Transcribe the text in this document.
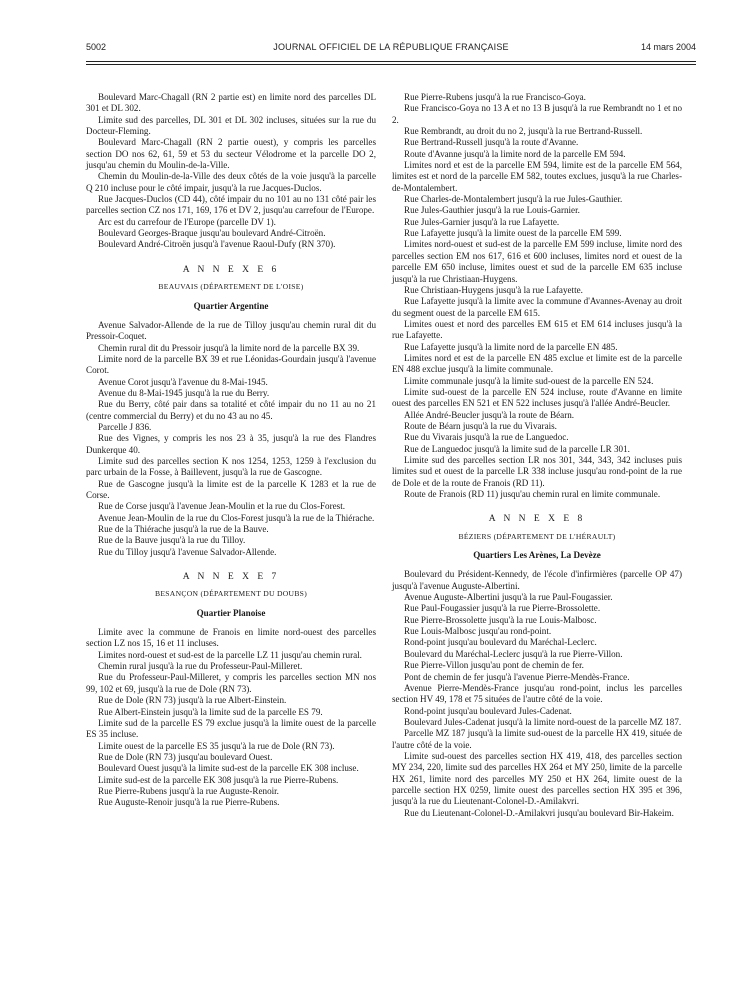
5002	JOURNAL OFFICIEL DE LA RÉPUBLIQUE FRANÇAISE	14 mars 2004

Boulevard Marc-Chagall (RN 2 partie est) en limite nord des parcelles DL 301 et DL 302.

Limite sud des parcelles, DL 301 et DL 302 incluses, situées sur la rue du Docteur-Fleming.

Boulevard Marc-Chagall (RN 2 partie ouest), y compris les parcelles section DO nos 62, 61, 59 et 53 du secteur Vélodrome et la parcelle DO 2, jusqu'au chemin du Moulin-de-la-Ville.

Chemin du Moulin-de-la-Ville des deux côtés de la voie jusqu'à la parcelle Q 210 incluse pour le côté impair, jusqu'à la rue Jacques-Duclos.

Rue Jacques-Duclos (CD 44), côté impair du no 101 au no 131 côté pair les parcelles section CZ nos 171, 169, 176 et DV 2, jusqu'au carrefour de l'Europe.

Arc est du carrefour de l'Europe (parcelle DV 1).

Boulevard Georges-Braque jusqu'au boulevard André-Citroën.

Boulevard André-Citroën jusqu'à l'avenue Raoul-Dufy (RN 370).

A N N E X E 6
BEAUVAIS (DÉPARTEMENT DE L'OISE)
Quartier Argentine

Avenue Salvador-Allende de la rue de Tilloy jusqu'au chemin rural dit du Pressoir-Coquet.

Chemin rural dit du Pressoir jusqu'à la limite nord de la parcelle BX 39.

Limite nord de la parcelle BX 39 et rue Léonidas-Gourdain jusqu'à l'avenue Corot.

Avenue Corot jusqu'à l'avenue du 8-Mai-1945.

Avenue du 8-Mai-1945 jusqu'à la rue du Berry.

Rue du Berry, côté pair dans sa totalité et côté impair du no 11 au no 21 (centre commercial du Berry) et du no 43 au no 45.

Parcelle J 836.

Rue des Vignes, y compris les nos 23 à 35, jusqu'à la rue des Flandres Dunkerque 40.

Limite sud des parcelles section K nos 1254, 1253, 1259 à l'exclusion du parc urbain de la Fosse, à Baillevent, jusqu'à la rue de Gascogne.

Rue de Gascogne jusqu'à la limite est de la parcelle K 1283 et la rue de Corse.

Rue de Corse jusqu'à l'avenue Jean-Moulin et la rue du Clos-Forest.

Avenue Jean-Moulin de la rue du Clos-Forest jusqu'à la rue de la Thiérache.

Rue de la Thiérache jusqu'à la rue de la Bauve.

Rue de la Bauve jusqu'à la rue du Tilloy.

Rue du Tilloy jusqu'à l'avenue Salvador-Allende.

A N N E X E 7
BESANÇON (DÉPARTEMENT DU DOUBS)
Quartier Planoise

Limite avec la commune de Franois en limite nord-ouest des parcelles section LZ nos 15, 16 et 11 incluses.

Limites nord-ouest et sud-est de la parcelle LZ 11 jusqu'au chemin rural.

Chemin rural jusqu'à la rue du Professeur-Paul-Milleret.

Rue du Professeur-Paul-Milleret, y compris les parcelles section MN nos 99, 102 et 69, jusqu'à la rue de Dole (RN 73).

Rue de Dole (RN 73) jusqu'à la rue Albert-Einstein.

Rue Albert-Einstein jusqu'à la limite sud de la parcelle ES 79.

Limite sud de la parcelle ES 79 exclue jusqu'à la limite ouest de la parcelle ES 35 incluse.

Limite ouest de la parcelle ES 35 jusqu'à la rue de Dole (RN 73).

Rue de Dole (RN 73) jusqu'au boulevard Ouest.

Boulevard Ouest jusqu'à la limite sud-est de la parcelle EK 308 incluse.

Limite sud-est de la parcelle EK 308 jusqu'à la rue Pierre-Rubens.

Rue Pierre-Rubens jusqu'à la rue Auguste-Renoir.

Rue Auguste-Renoir jusqu'à la rue Pierre-Rubens.

Rue Pierre-Rubens jusqu'à la rue Francisco-Goya.

Rue Francisco-Goya no 13 A et no 13 B jusqu'à la rue Rembrandt no 1 et no 2.

Rue Rembrandt, au droit du no 2, jusqu'à la rue Bertrand-Russell.

Rue Bertrand-Russell jusqu'à la route d'Avanne.

Route d'Avanne jusqu'à la limite nord de la parcelle EM 594.

Limites nord et est de la parcelle EM 594, limite est de la parcelle EM 564, limites est et nord de la parcelle EM 582, toutes exclues, jusqu'à la rue Charles-de-Montalembert.

Rue Charles-de-Montalembert jusqu'à la rue Jules-Gauthier.

Rue Jules-Gauthier jusqu'à la rue Louis-Garnier.

Rue Jules-Garnier jusqu'à la rue Lafayette.

Rue Lafayette jusqu'à la limite ouest de la parcelle EM 599.

Limites nord-ouest et sud-est de la parcelle EM 599 incluse, limite nord des parcelles section EM nos 617, 616 et 600 incluses, limites nord et ouest de la parcelle EM 650 incluse, limites ouest et sud de la parcelle EM 635 incluse jusqu'à la rue Christiaan-Huygens.

Rue Christiaan-Huygens jusqu'à la rue Lafayette.

Rue Lafayette jusqu'à la limite avec la commune d'Avannes-Avenay au droit du segment ouest de la parcelle EM 615.

Limites ouest et nord des parcelles EM 615 et EM 614 incluses jusqu'à la rue Lafayette.

Rue Lafayette jusqu'à la limite nord de la parcelle EN 485.

Limites nord et est de la parcelle EN 485 exclue et limite est de la parcelle EN 488 exclue jusqu'à la limite communale.

Limite communale jusqu'à la limite sud-ouest de la parcelle EN 524.

Limite sud-ouest de la parcelle EN 524 incluse, route d'Avanne en limite ouest des parcelles EN 521 et EN 522 incluses jusqu'à l'allée André-Beucler.

Allée André-Beucler jusqu'à la route de Béarn.

Route de Béarn jusqu'à la rue du Vivarais.

Rue du Vivarais jusqu'à la rue de Languedoc.

Rue de Languedoc jusqu'à la limite sud de la parcelle LR 301.

Limite sud des parcelles section LR nos 301, 344, 343, 342 incluses puis limites sud et ouest de la parcelle LR 338 incluse jusqu'au rond-point de la rue de Dole et de la route de Franois (RD 11).

Route de Franois (RD 11) jusqu'au chemin rural en limite communale.

A N N E X E 8
BÉZIERS (DÉPARTEMENT DE L'HÉRAULT)
Quartiers Les Arènes, La Devèze

Boulevard du Président-Kennedy, de l'école d'infirmières (parcelle OP 47) jusqu'à l'avenue Auguste-Albertini.

Avenue Auguste-Albertini jusqu'à la rue Paul-Fougassier.

Rue Paul-Fougassier jusqu'à la rue Pierre-Brossolette.

Rue Pierre-Brossolette jusqu'à la rue Louis-Malbosc.

Rue Louis-Malbosc jusqu'au rond-point.

Rond-point jusqu'au boulevard du Maréchal-Leclerc.

Boulevard du Maréchal-Leclerc jusqu'à la rue Pierre-Villon.

Rue Pierre-Villon jusqu'au pont de chemin de fer.

Pont de chemin de fer jusqu'à l'avenue Pierre-Mendès-France.

Avenue Pierre-Mendès-France jusqu'au rond-point, inclus les parcelles section HV 49, 178 et 75 situées de l'autre côté de la voie.

Rond-point jusqu'au boulevard Jules-Cadenat.

Boulevard Jules-Cadenat jusqu'à la limite nord-ouest de la parcelle MZ 187.

Parcelle MZ 187 jusqu'à la limite sud-ouest de la parcelle HX 419, située de l'autre côté de la voie.

Limite sud-ouest des parcelles section HX 419, 418, des parcelles section MY 234, 220, limite sud des parcelles HX 264 et MY 250, limite de la parcelle HX 261, limite nord des parcelles MY 250 et HX 264, limite ouest de la parcelle section HX 0259, limite ouest des parcelles section HX 395 et 396, jusqu'à la rue du Lieutenant-Colonel-D.-Amilakvri.

Rue du Lieutenant-Colonel-D.-Amilakvri jusqu'au boulevard Bir-Hakeim.
